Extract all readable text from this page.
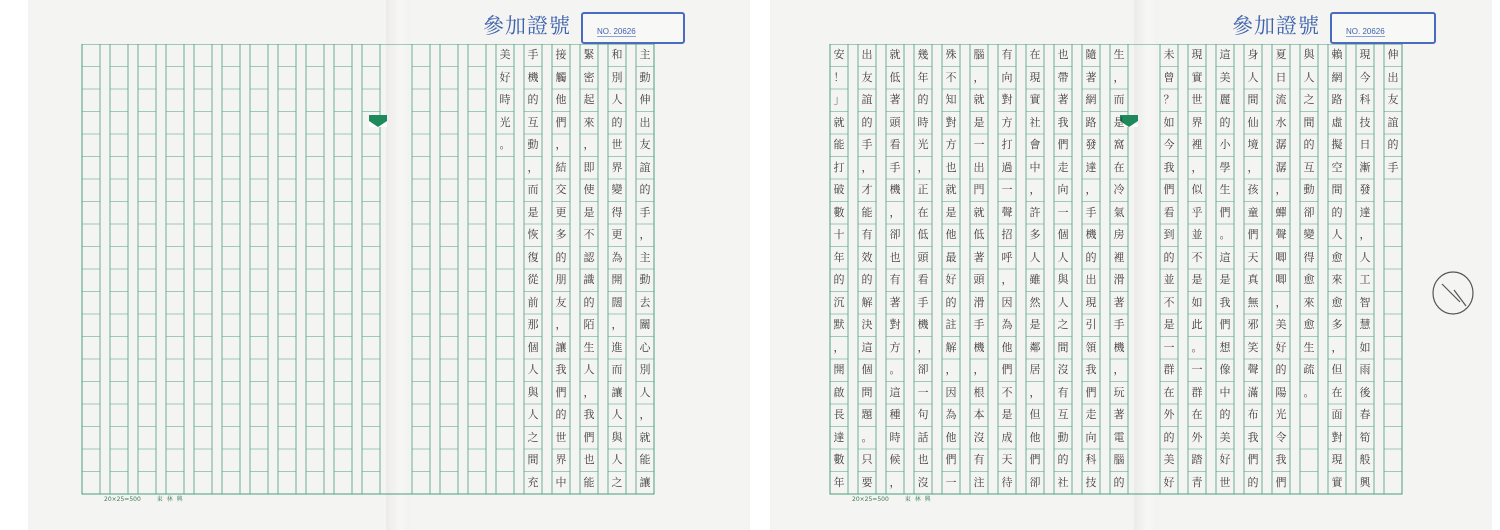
參加證號	NO. 20626	參加證號	NO. 20626
20×25=500	東 林 興	20×25=500	東 林 興
主
動
伸
出
友
誼
的
手
，
主
動
去
關
心
別
人
，
就
能
讓
和
別
人
的
世
界
變
得
更
為
開
闊
，
進
而
讓
人
與
人
之
緊
密
起
來
，
即
使
是
不
認
識
的
陌
生
人
，
我
們
也
能
接
觸
他
們
，
結
交
更
多
的
朋
友
，
讓
我
們
的
世
界
中
手
機
的
互
動
，
而
是
恢
復
從
前
那
個
人
與
人
之
間
充
美
好
時
光
。
伸
出
友
誼
的
手
現
今
科
技
日
漸
發
達
，
人
工
智
慧
如
雨
後
春
筍
般
興
賴
網
路
虛
擬
空
間
的
人
愈
來
愈
多
，
但
在
面
對
現
實
與
人
之
間
的
互
動
卻
變
得
愈
來
愈
生
疏
。
夏
日
流
水
潺
潺
，
蟬
聲
唧
唧
，
美
好
的
陽
光
令
我
們
身
人
間
仙
境
，
孩
童
們
天
真
無
邪
笑
聲
滿
布
我
們
的
這
美
麗
的
小
學
生
們
。
這
是
我
們
想
像
中
的
美
好
世
現
實
世
界
裡
，
似
乎
並
不
是
如
此
。
一
群
在
外
踏
青
未
曾
？
如
今
我
們
看
到
的
並
不
是
一
群
在
外
的
美
好
生
，
而
是
窩
在
冷
氣
房
裡
滑
著
手
機
，
玩
著
電
腦
的
隨
著
網
路
發
達
，
手
機
的
出
現
引
領
我
們
走
向
科
技
也
帶
著
我
們
走
向
一
個
人
與
人
之
間
沒
有
互
動
的
社
在
現
實
社
會
中
，
許
多
人
雖
然
是
鄰
居
，
但
他
們
卻
有
向
對
方
打
過
一
聲
招
呼
，
因
為
他
們
不
是
成
天
待
腦
，
就
是
一
出
門
就
低
著
頭
滑
手
機
，
根
本
沒
有
注
殊
不
知
對
方
也
就
是
他
最
好
的
註
解
，
因
為
他
們
一
幾
年
的
時
光
，
正
在
低
頭
看
手
機
，
卻
一
句
話
也
沒
就
低
著
頭
看
手
機
，
卻
也
有
著
對
方
。
這
種
時
候
，
出
友
誼
的
手
，
才
能
有
效
的
解
決
這
個
問
題
。
只
要
安
！
」
就
能
打
破
數
十
年
的
沉
默
，
開
啟
長
達
數
年
